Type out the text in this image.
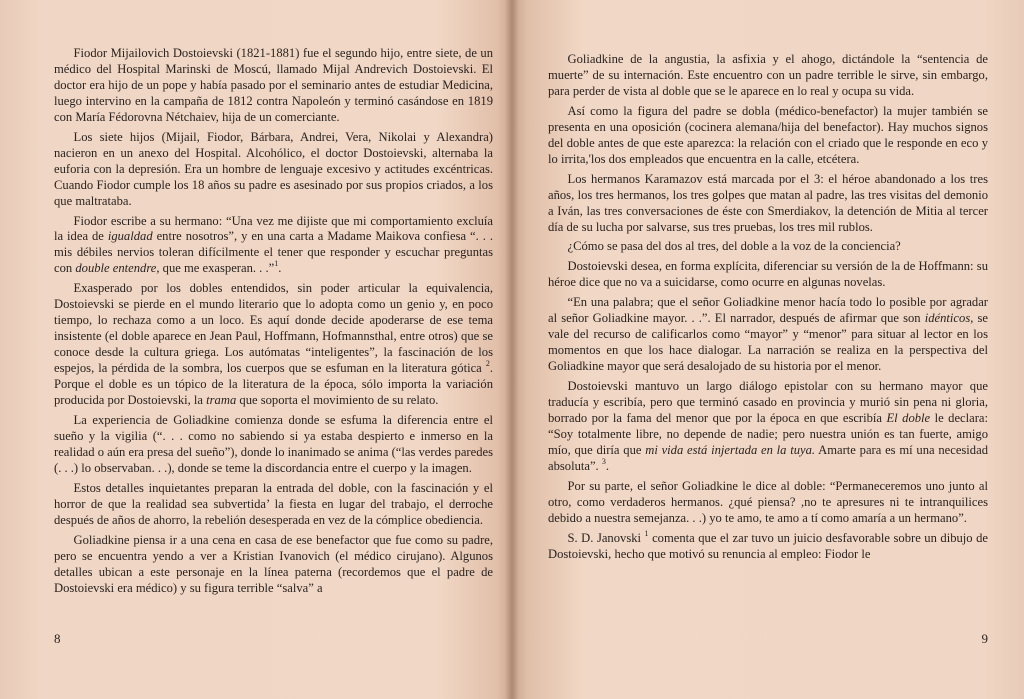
Fiodor Mijailovich Dostoievski (1821-1881) fue el segundo hijo, entre siete, de un médico del Hospital Marinski de Moscú, llamado Mijal Andrevich Dostoievski. El doctor era hijo de un pope y había pasado por el seminario antes de estudiar Medicina, luego intervino en la campaña de 1812 contra Napoleón y terminó casándose en 1819 con María Fédorovna Nétchaiev, hija de un comerciante.

Los siete hijos (Mijail, Fiodor, Bárbara, Andrei, Vera, Nikolai y Alexandra) nacieron en un anexo del Hospital. Alcohólico, el doctor Dostoievski, alternaba la euforia con la depresión. Era un hombre de lenguaje excesivo y actitudes excéntricas. Cuando Fiodor cumple los 18 años su padre es asesinado por sus propios criados, a los que maltrataba.

Fiodor escribe a su hermano: “Una vez me dijiste que mi comportamiento excluía la idea de igualdad entre nosotros”, y en una carta a Madame Maikova confiesa “. . . mis débiles nervios toleran difícilmente el tener que responder y escuchar preguntas con double entendre, que me exasperan. . .”$^1$.

Exasperado por los dobles entendidos, sin poder articular la equivalencia, Dostoievski se pierde en el mundo literario que lo adopta como un genio y, en poco tiempo, lo rechaza como a un loco. Es aquí donde decide apoderarse de ese tema insistente (el doble aparece en Jean Paul, Hoffmann, Hofmannsthal, entre otros) que se conoce desde la cultura griega. Los autómatas “inteligentes”, la fascinación de los espejos, la pérdida de la sombra, los cuerpos que se esfuman en la literatura gótica $^2$. Porque el doble es un tópico de la literatura de la época, sólo importa la variación producida por Dostoievski, la trama que soporta el movimiento de su relato.

La experiencia de Goliadkine comienza donde se esfuma la diferencia entre el sueño y la vigilia (“. . . como no sabiendo si ya estaba despierto e inmerso en la realidad o aún era presa del sueño”), donde lo inanimado se anima (“las verdes paredes (. . .) lo observaban. . .), donde se teme la discordancia entre el cuerpo y la imagen.

Estos detalles inquietantes preparan la entrada del doble, con la fascinación y el horror de que la realidad sea subvertida’ la fiesta en lugar del trabajo, el derroche después de años de ahorro, la rebelión desesperada en vez de la cómplice obediencia.

Goliadkine piensa ir a una cena en casa de ese benefactor que fue como su padre, pero se encuentra yendo a ver a Kristian Ivanovich (el médico cirujano). Algunos detalles ubican a este personaje en la línea paterna (recordemos que el padre de Dostoievski era médico) y su figura terrible “salva” a

8

Goliadkine de la angustia, la asfixia y el ahogo, dictándole la “sentencia de muerte” de su internación. Este encuentro con un padre terrible le sirve, sin embargo, para perder de vista al doble que se le aparece en lo real y ocupa su vida.

Así como la figura del padre se dobla (médico-benefactor) la mujer también se presenta en una oposición (cocinera alemana/hija del benefactor). Hay muchos signos del doble antes de que este aparezca: la relación con el criado que le responde en eco y lo irrita,'los dos empleados que encuentra en la calle, etcétera.

Los hermanos Karamazov está marcada por el 3: el héroe abandonado a los tres años, los tres hermanos, los tres golpes que matan al padre, las tres visitas del demonio a Iván, las tres conversaciones de éste con Smerdiakov, la detención de Mitia al tercer día de su lucha por salvarse, sus tres pruebas, los tres mil rublos.

¿Cómo se pasa del dos al tres, del doble a la voz de la conciencia?

Dostoievski desea, en forma explícita, diferenciar su versión de la de Hoffmann: su héroe dice que no va a suicidarse, como ocurre en algunas novelas.

“En una palabra; que el señor Goliadkine menor hacía todo lo posible por agradar al señor Goliadkine mayor. . .”. El narrador, después de afirmar que son idénticos, se vale del recurso de calificarlos como “mayor” y “menor” para situar al lector en los momentos en que los hace dialogar. La narración se realiza en la perspectiva del Goliadkine mayor que será desalojado de su historia por el menor.

Dostoievski mantuvo un largo diálogo epistolar con su hermano mayor que traducía y escribía, pero que terminó casado en provincia y murió sin pena ni gloria, borrado por la fama del menor que por la época en que escribía El doble le declara: “Soy totalmente libre, no depende de nadie; pero nuestra unión es tan fuerte, amigo mío, que diría que mi vida está injertada en la tuya. Amarte para es mí una necesidad absoluta”. $^3$.

Por su parte, el señor Goliadkine le dice al doble: “Permaneceremos uno junto al otro, como verdaderos hermanos. ¿qué piensa? ,no te apresures ni te intranquilices debido a nuestra semejanza. . .) yo te amo, te amo a tí como amaría a un hermano”.

S. D. Janovski $^1$ comenta que el zar tuvo un juicio desfavorable sobre un dibujo de Dostoievski, hecho que motivó su renuncia al empleo: Fiodor le

9
